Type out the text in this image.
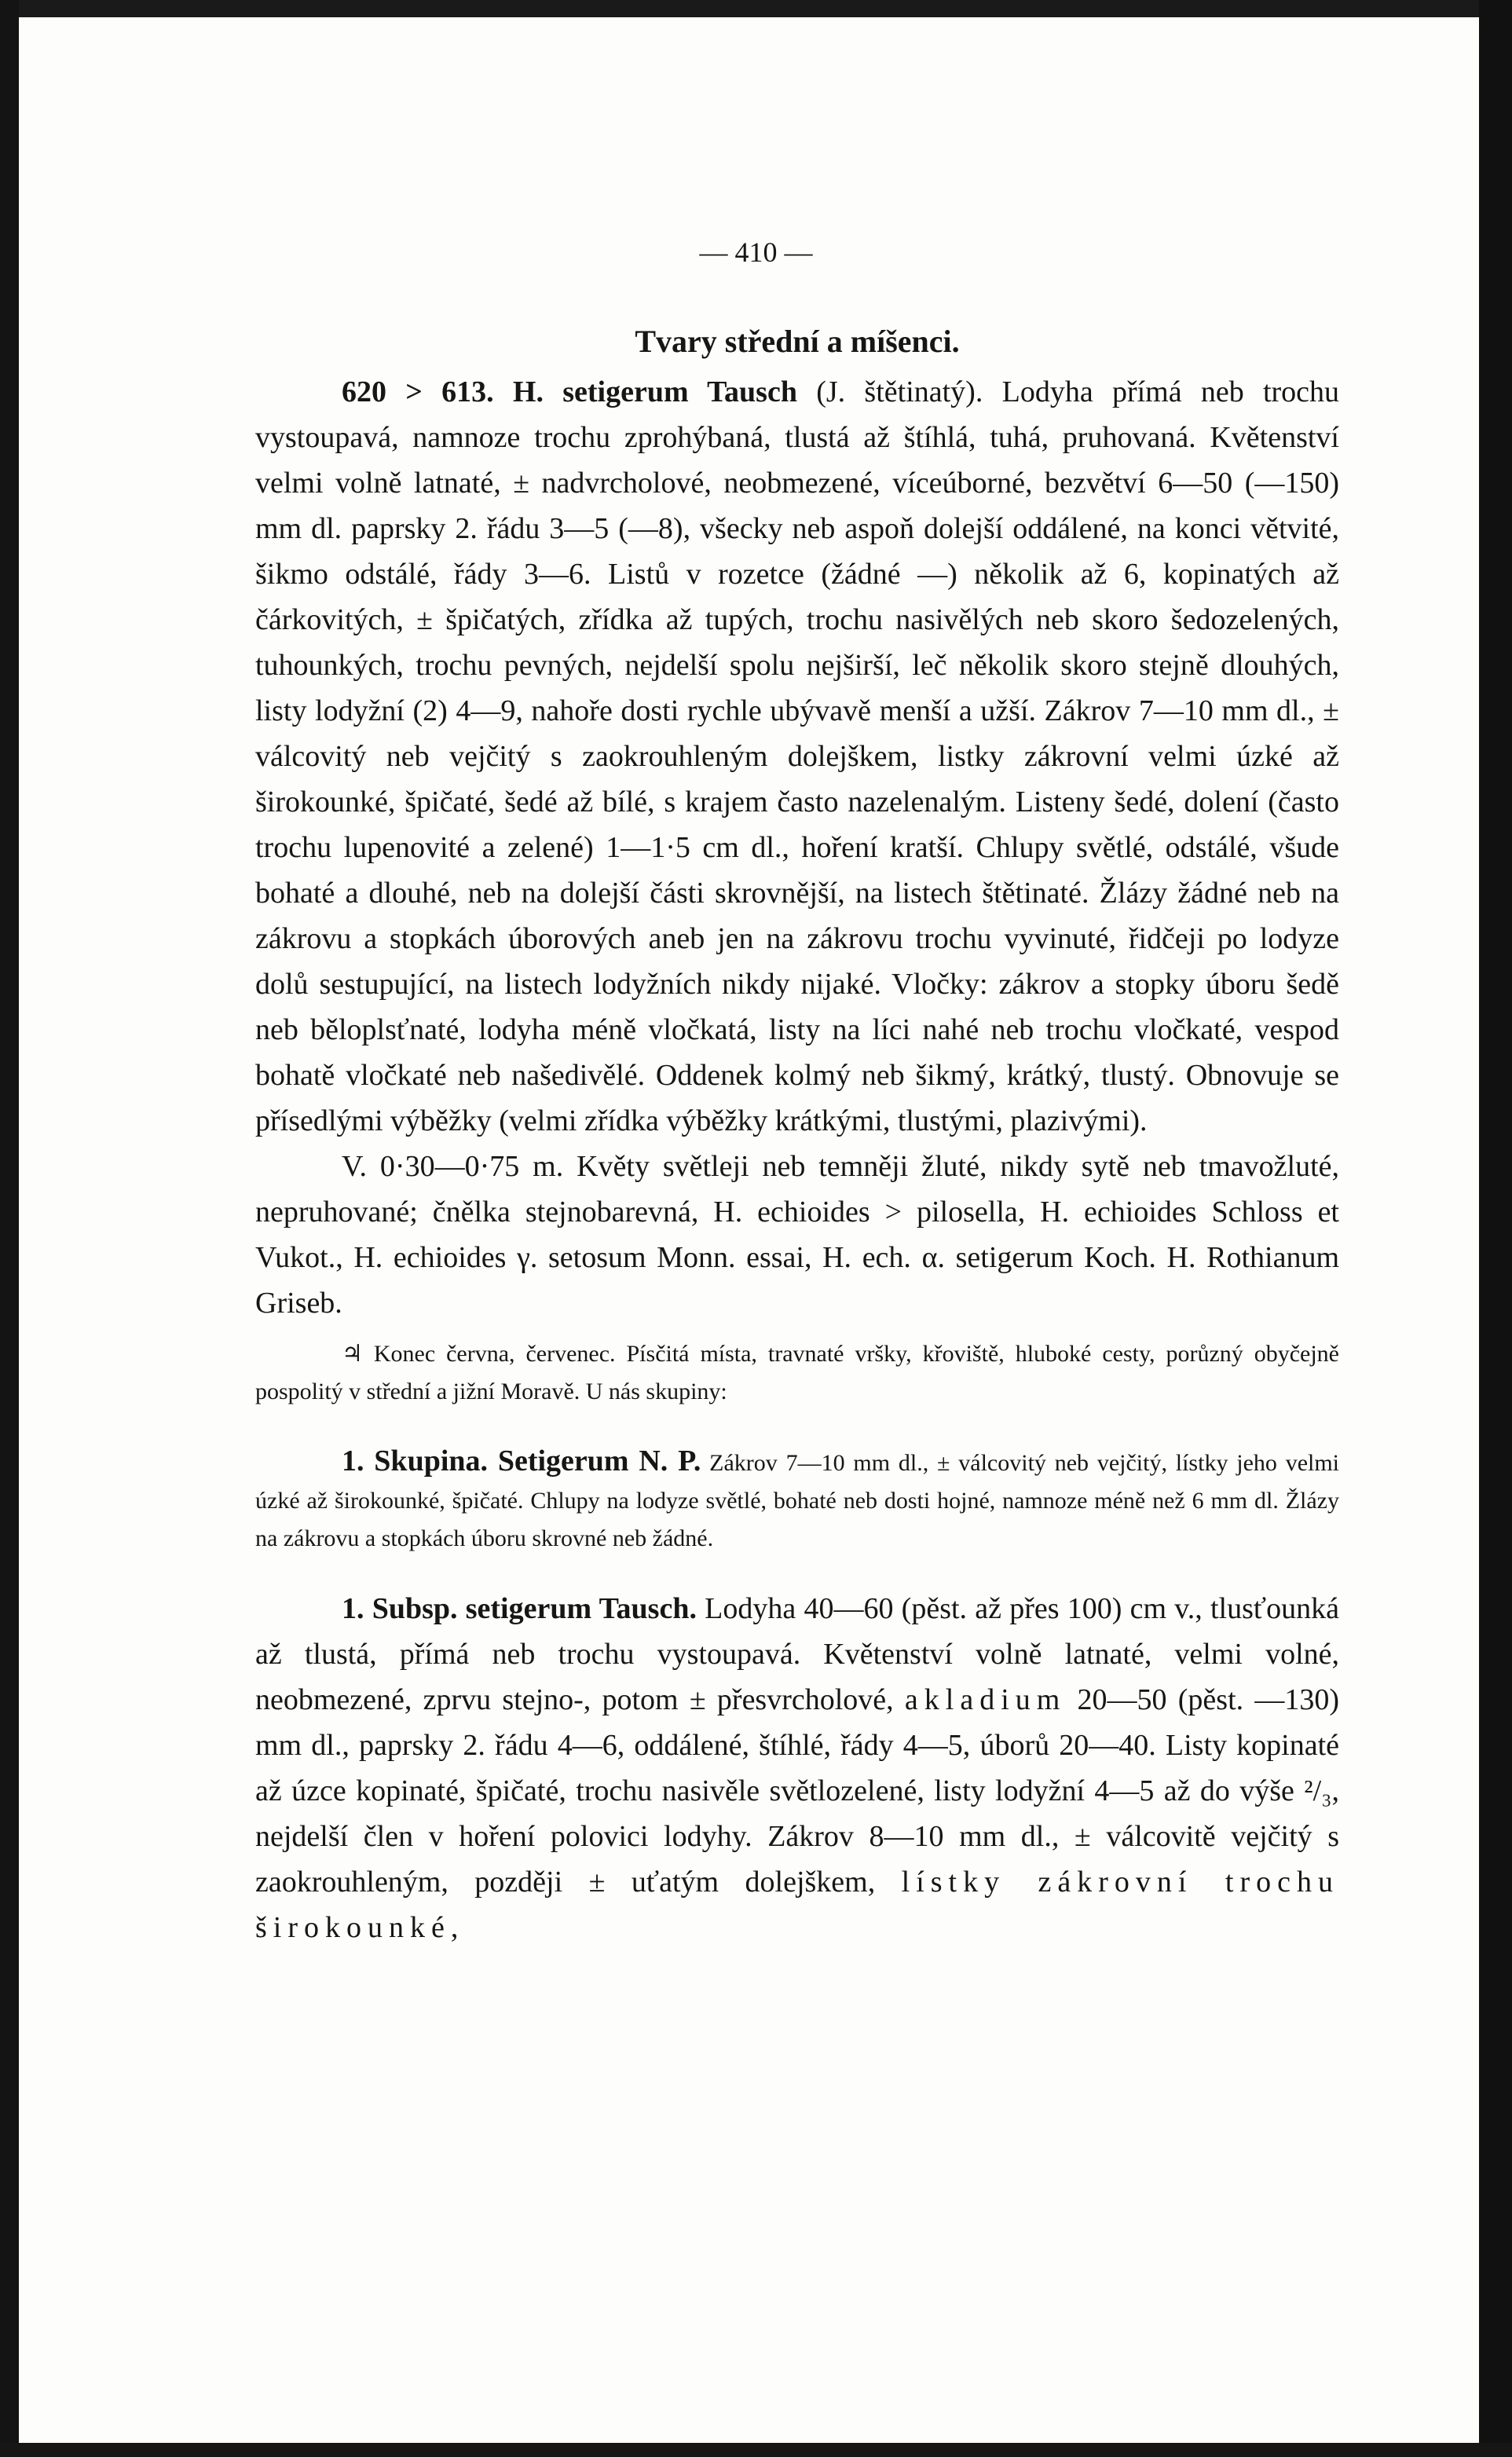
— 410 —

Tvary střední a míšenci.

620 > 613. H. setigerum Tausch (J. štětinatý). Lodyha přímá neb trochu vystoupavá, namnoze trochu zprohýbaná, tlustá až štíhlá, tuhá, pruhovaná. Květenství velmi volně latnaté, ± nadvrcholové, neobmezené, víceúborné, bezvětví 6—50 (—150) mm dl. paprsky 2. řádu 3—5 (—8), všecky neb aspoň dolejší oddálené, na konci větvité, šikmo odstálé, řády 3—6. Listů v rozetce (žádné —) několik až 6, kopinatých až čárkovitých, ± špičatých, zřídka až tupých, trochu nasivělých neb skoro šedozelených, tuhounkých, trochu pevných, nejdelší spolu nejširší, leč několik skoro stejně dlouhých, listy lodyžní (2) 4—9, nahoře dosti rychle ubývavě menší a užší. Zákrov 7—10 mm dl., ± válcovitý neb vejčitý s zaokrouhleným dolejškem, listky zákrovní velmi úzké až širokounké, špičaté, šedé až bílé, s krajem často nazelenalým. Listeny šedé, dolení (často trochu lupenovité a zelené) 1—1·5 cm dl., hoření kratší. Chlupy světlé, odstálé, všude bohaté a dlouhé, neb na dolejší části skrovnější, na listech štětinaté. Žlázy žádné neb na zákrovu a stopkách úborových aneb jen na zákrovu trochu vyvinuté, řidčeji po lodyze dolů sestupující, na listech lodyžních nikdy nijaké. Vločky: zákrov a stopky úboru šedě neb běloplsťnaté, lodyha méně vločkatá, listy na líci nahé neb trochu vločkaté, vespod bohatě vločkaté neb našedivělé. Oddenek kolmý neb šikmý, krátký, tlustý. Obnovuje se přísedlými výběžky (velmi zřídka výběžky krátkými, tlustými, plazivými).

V. 0·30—0·75 m. Květy světleji neb temněji žluté, nikdy sytě neb tmavožluté, nepruhované; čnělka stejnobarevná, H. echioides > pilosella, H. echioides Schloss et Vukot., H. echioides γ. setosum Monn. essai, H. ech. α. setigerum Koch. H. Rothianum Griseb.

♃ Konec června, červenec. Písčitá místa, travnaté vršky, křoviště, hluboké cesty, porůzný obyčejně pospolitý v střední a jižní Moravě. U nás skupiny:

1. Skupina. Setigerum N. P. Zákrov 7—10 mm dl., ± válcovitý neb vejčitý, lístky jeho velmi úzké až širokounké, špičaté. Chlupy na lodyze světlé, bohaté neb dosti hojné, namnoze méně než 6 mm dl. Žlázy na zákrovu a stopkách úboru skrovné neb žádné.

1. Subsp. setigerum Tausch. Lodyha 40—60 (pěst. až přes 100) cm v., tlusťounká až tlustá, přímá neb trochu vystoupavá. Květenství volně latnaté, velmi volné, neobmezené, zprvu stejno-, potom ± přesvrcholové, akladium 20—50 (pěst. —130) mm dl., paprsky 2. řádu 4—6, oddálené, štíhlé, řády 4—5, úborů 20—40. Listy kopinaté až úzce kopinaté, špičaté, trochu nasivěle světlozelené, listy lodyžní 4—5 až do výše ²/₃, nejdelší člen v hoření polovici lodyhy. Zákrov 8—10 mm dl., ± válcovitě vejčitý s zaokrouhleným, později ± uťatým dolejškem, lístky zákrovní trochu širokounké,
